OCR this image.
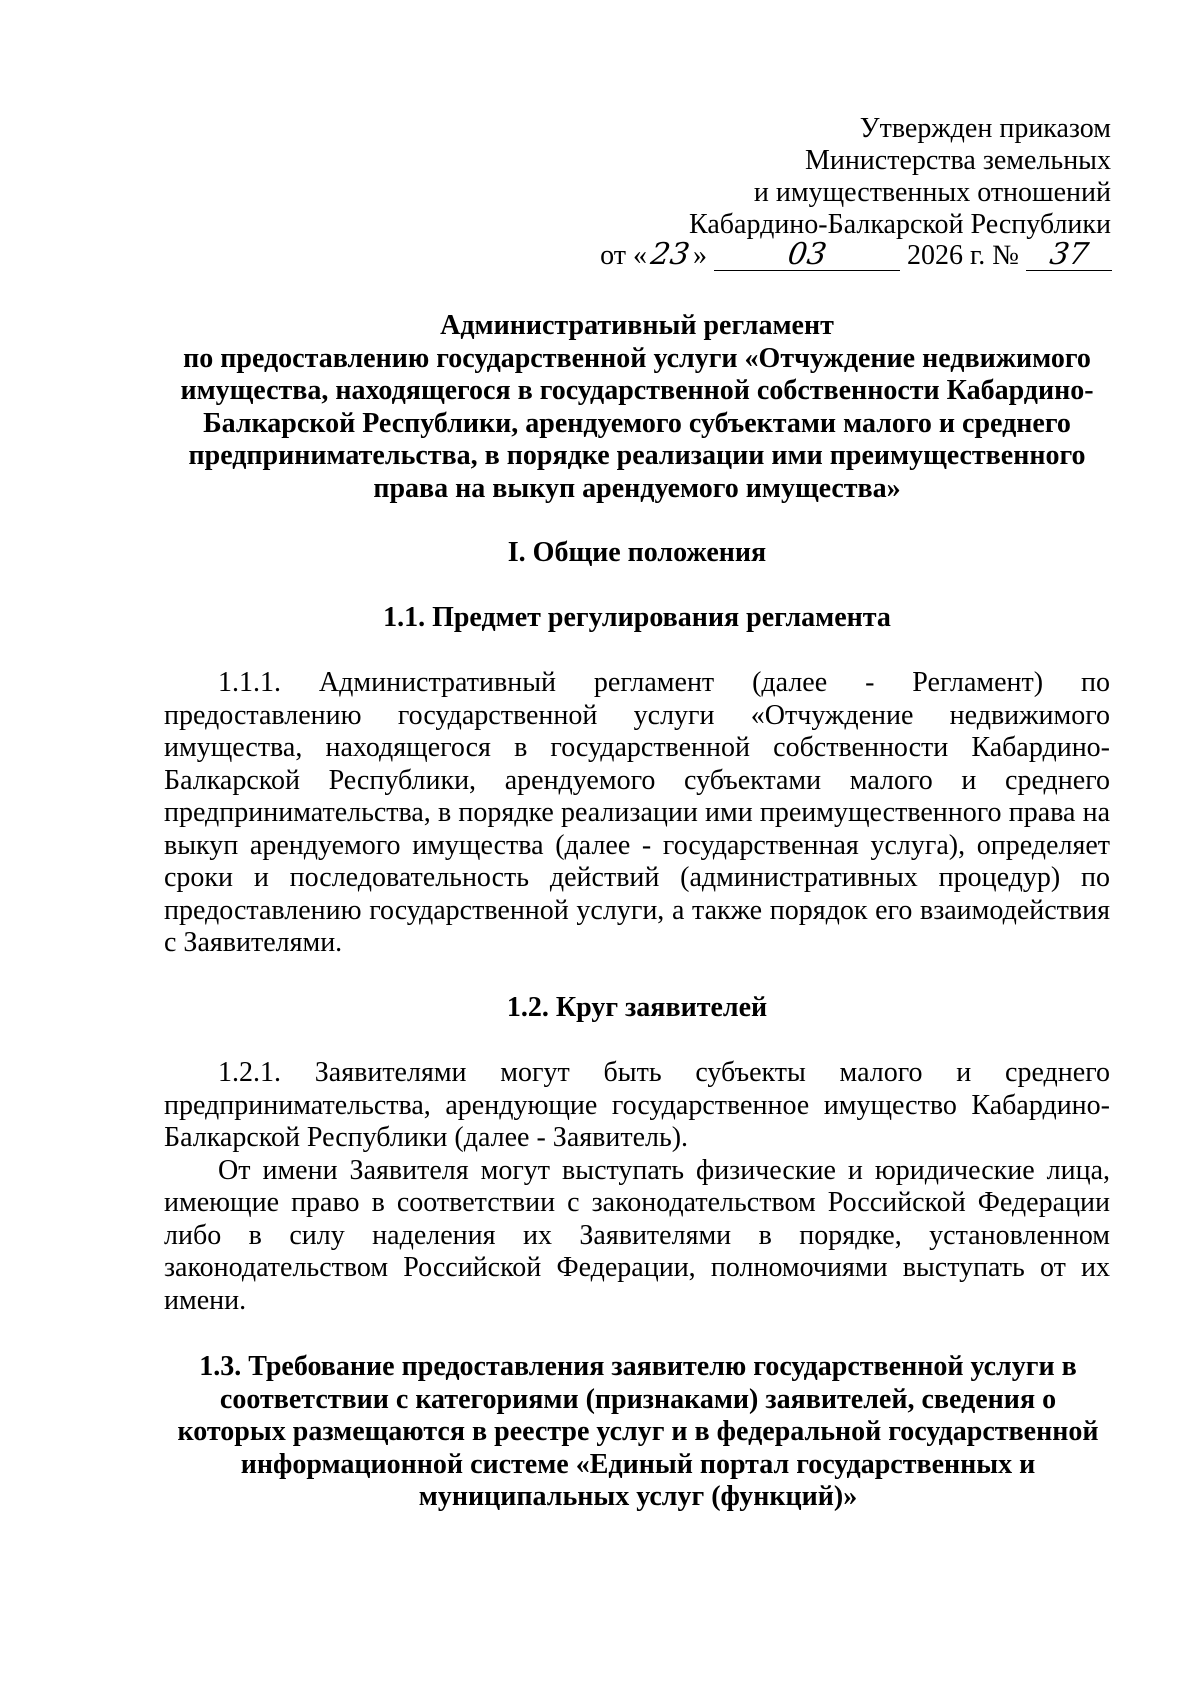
Утвержден приказом
Министерства земельных
и имущественных отношений
Кабардино-Балкарской Республики
от «23»	03	2026 г. № 37
Административный регламент
по предоставлению государственной услуги «Отчуждение недвижимого
имущества, находящегося в государственной собственности Кабардино-
Балкарской Республики, арендуемого субъектами малого и среднего
предпринимательства, в порядке реализации ими преимущественного
права на выкуп арендуемого имущества»
I. Общие положения
1.1. Предмет регулирования регламента

1.1.1. Административный регламент (далее - Регламент) по предоставлению государственной услуги «Отчуждение недвижимого имущества, находящегося в государственной собственности Кабардино-Балкарской Республики, арендуемого субъектами малого и среднего предпринимательства, в порядке реализации ими преимущественного права на выкуп арендуемого имущества (далее - государственная услуга), определяет сроки и последовательность действий (административных процедур) по предоставлению государственной услуги, а также порядок его взаимодействия с Заявителями.

1.2. Круг заявителей

1.2.1. Заявителями могут быть субъекты малого и среднего предпринимательства, арендующие государственное имущество Кабардино-Балкарской Республики (далее - Заявитель).

От имени Заявителя могут выступать физические и юридические лица, имеющие право в соответствии с законодательством Российской Федерации либо в силу наделения их Заявителями в порядке, установленном законодательством Российской Федерации, полномочиями выступать от их имени.

1.3. Требование предоставления заявителю государственной услуги в
соответствии с категориями (признаками) заявителей, сведения о
которых размещаются в реестре услуг и в федеральной государственной
информационной системе «Единый портал государственных и
муниципальных услуг (функций)»
